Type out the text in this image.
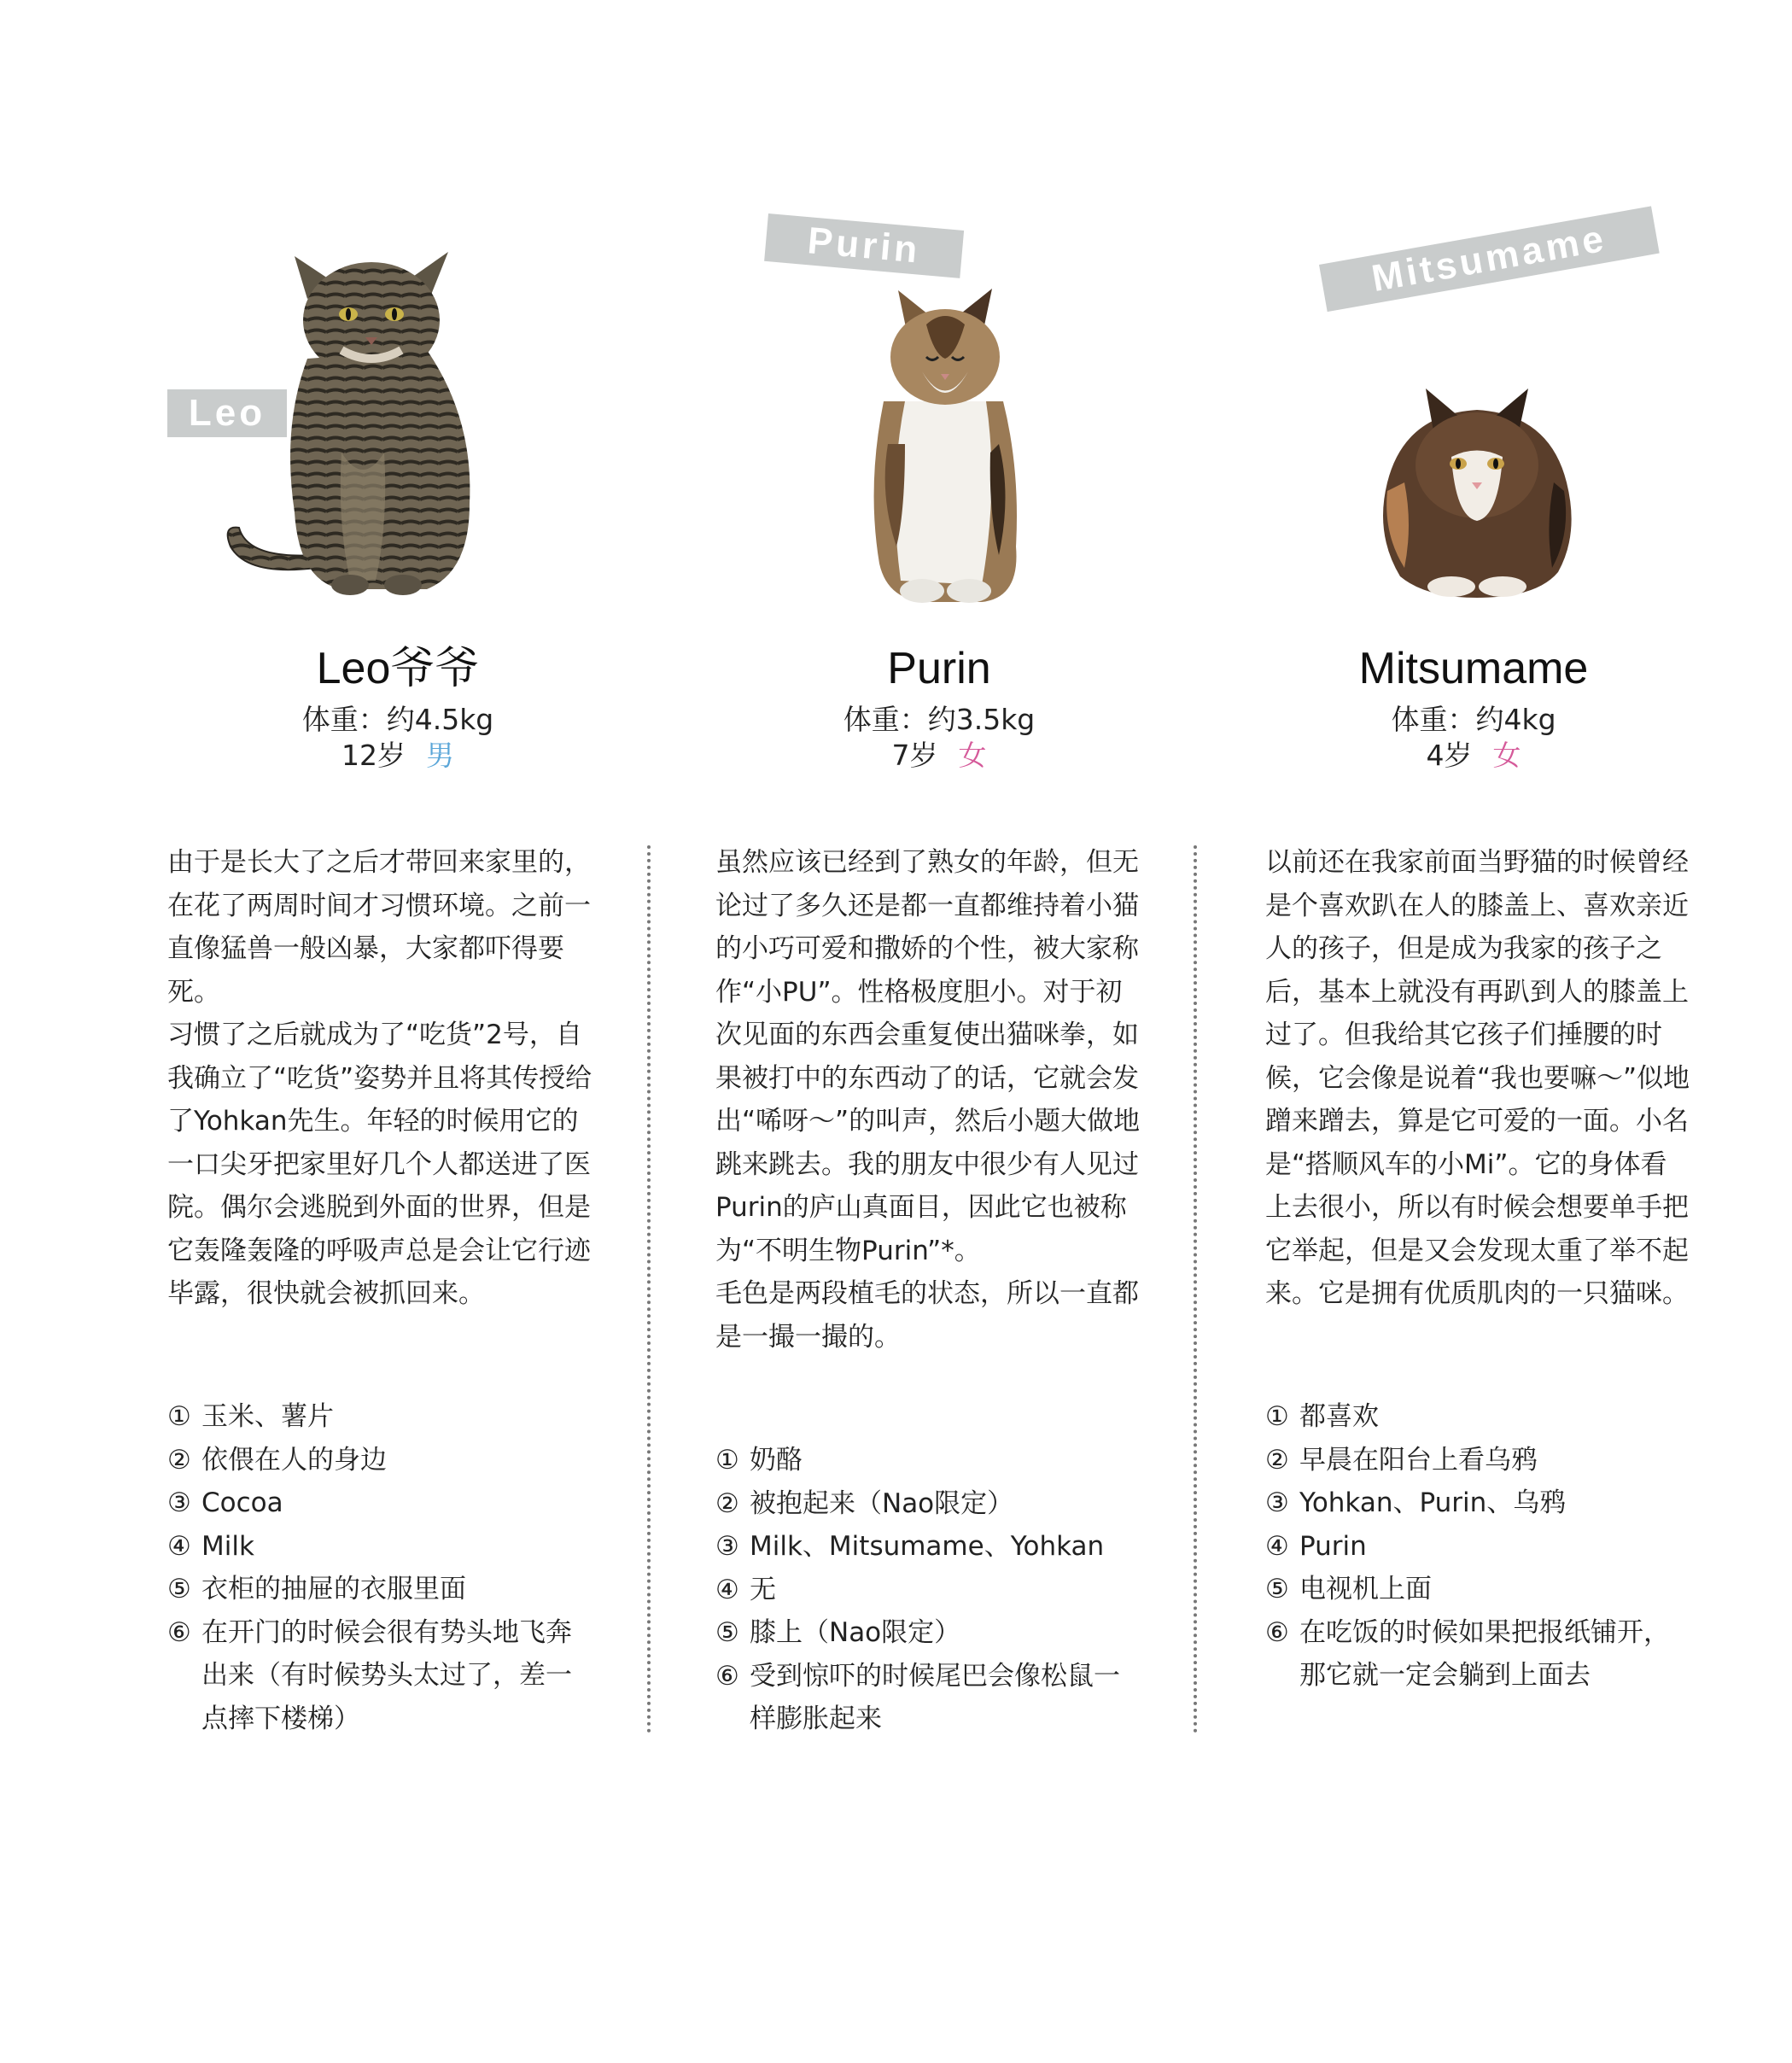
Leo
Purin	Mitsumame
Leo爷爷
体重：约4.5kg
12岁 男
Purin
体重：约3.5kg
7岁 女
Mitsumame
体重：约4kg
4岁 女

由于是长大了之后才带回来家里的，在花了两周时间才习惯环境。之前一直像猛兽一般凶暴，大家都吓得要死。

习惯了之后就成为了“吃货”2号，自我确立了“吃货”姿势并且将其传授给了Yohkan先生。年轻的时候用它的一口尖牙把家里好几个人都送进了医院。偶尔会逃脱到外面的世界，但是它轰隆轰隆的呼吸声总是会让它行迹毕露，很快就会被抓回来。

① 玉米、薯片
② 依偎在人的身边
③ Cocoa
④ Milk
⑤ 衣柜的抽屉的衣服里面
⑥ 在开门的时候会很有势头地飞奔出来（有时候势头太过了，差一点摔下楼梯）

虽然应该已经到了熟女的年龄，但无论过了多久还是都一直都维持着小猫的小巧可爱和撒娇的个性，被大家称作“小PU”。性格极度胆小。对于初次见面的东西会重复使出猫咪拳，如果被打中的东西动了的话，它就会发出“唏呀～”的叫声，然后小题大做地跳来跳去。我的朋友中很少有人见过Purin的庐山真面目，因此它也被称为“不明生物Purin”*。

毛色是两段植毛的状态，所以一直都是一撮一撮的。

① 奶酪
② 被抱起来（Nao限定）
③ Milk、Mitsumame、Yohkan
④ 无
⑤ 膝上（Nao限定）
⑥ 受到惊吓的时候尾巴会像松鼠一样膨胀起来

以前还在我家前面当野猫的时候曾经是个喜欢趴在人的膝盖上、喜欢亲近人的孩子，但是成为我家的孩子之后，基本上就没有再趴到人的膝盖上过了。但我给其它孩子们捶腰的时候，它会像是说着“我也要嘛～”似地蹭来蹭去，算是它可爱的一面。小名是“搭顺风车的小Mi”。它的身体看上去很小，所以有时候会想要单手把它举起，但是又会发现太重了举不起来。它是拥有优质肌肉的一只猫咪。

① 都喜欢
② 早晨在阳台上看乌鸦
③ Yohkan、Purin、乌鸦
④ Purin
⑤ 电视机上面
⑥ 在吃饭的时候如果把报纸铺开，那它就一定会躺到上面去
